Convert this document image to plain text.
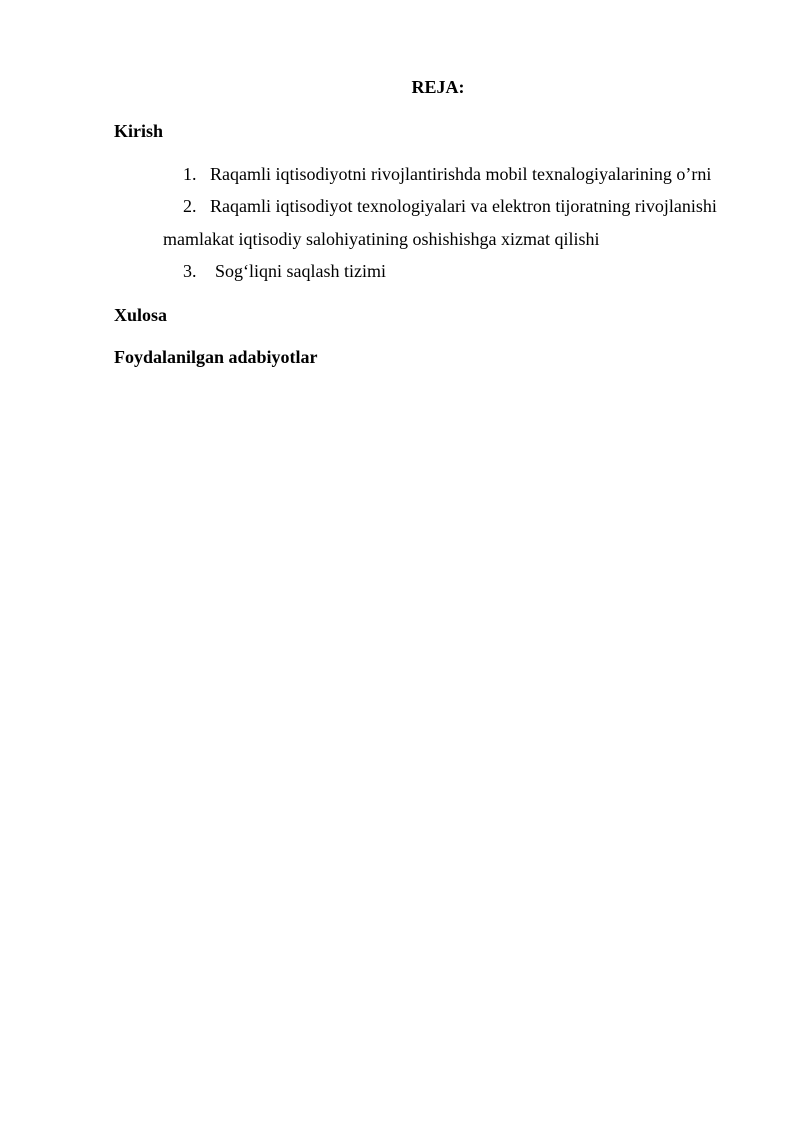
REJA:
Kirish
1. Raqamli iqtisodiyotni rivojlantirishda mobil texnalogiyalarining o’rni
2. Raqamli iqtisodiyot texnologiyalari va elektron tijoratning rivojlanishi
mamlakat iqtisodiy salohiyatining oshishishga xizmat qilishi
3. Sog‘liqni saqlash tizimi
Xulosa
Foydalanilgan adabiyotlar
